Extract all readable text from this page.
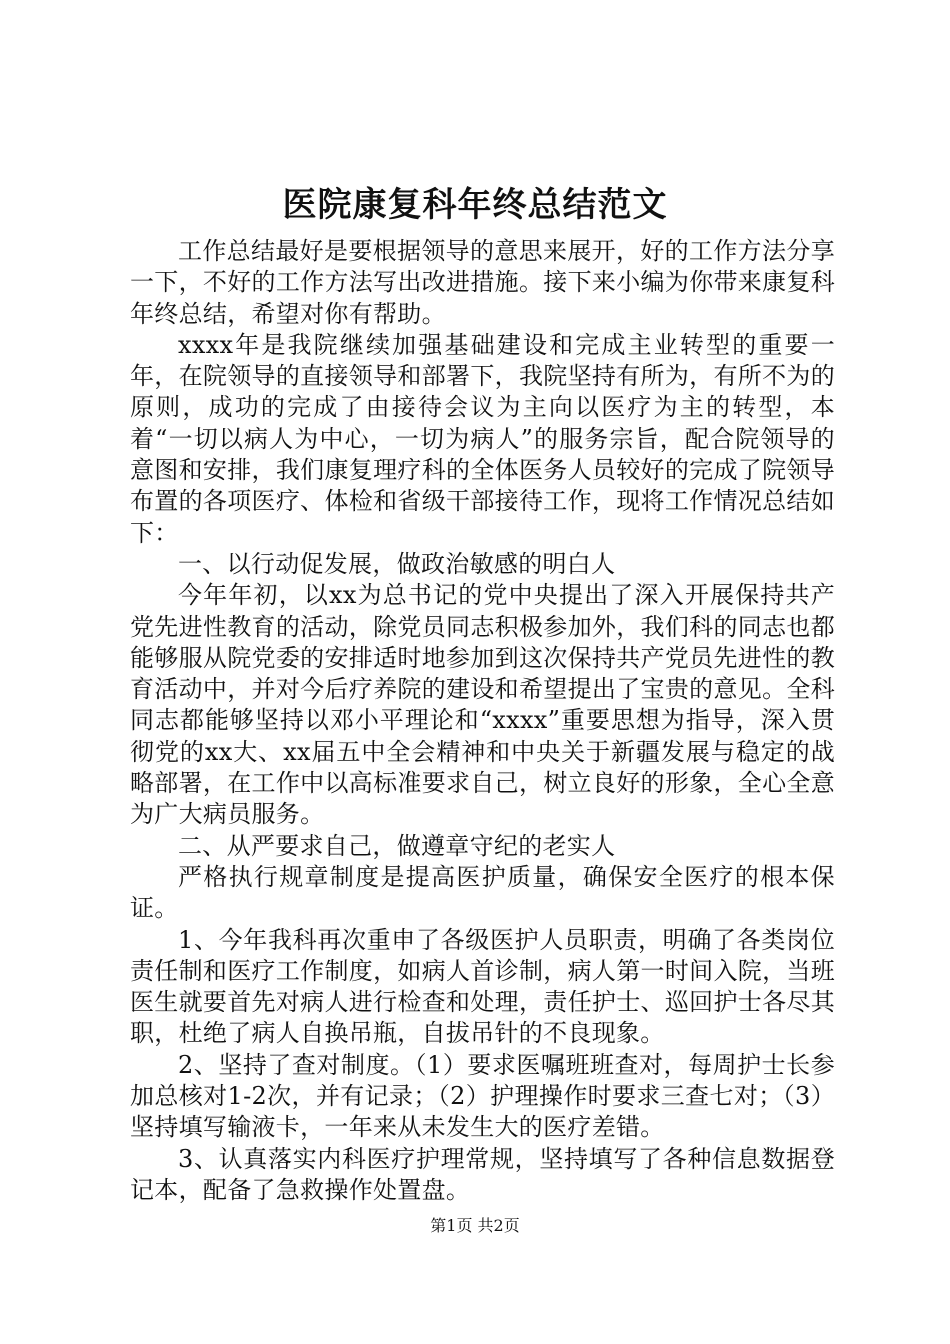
医院康复科年终总结范文

工作总结最好是要根据领导的意思来展开，好的工作方法分享一下，不好的工作方法写出改进措施。接下来小编为你带来康复科年终总结，希望对你有帮助。

xxxx年是我院继续加强基础建设和完成主业转型的重要一年，在院领导的直接领导和部署下，我院坚持有所为，有所不为的原则，成功的完成了由接待会议为主向以医疗为主的转型，本着“一切以病人为中心，一切为病人”的服务宗旨，配合院领导的意图和安排，我们康复理疗科的全体医务人员较好的完成了院领导布置的各项医疗、体检和省级干部接待工作，现将工作情况总结如下：

一、以行动促发展，做政治敏感的明白人

今年年初，以xx为总书记的党中央提出了深入开展保持共产党先进性教育的活动，除党员同志积极参加外，我们科的同志也都能够服从院党委的安排适时地参加到这次保持共产党员先进性的教育活动中，并对今后疗养院的建设和希望提出了宝贵的意见。全科同志都能够坚持以邓小平理论和“xxxx”重要思想为指导，深入贯彻党的xx大、xx届五中全会精神和中央关于新疆发展与稳定的战略部署，在工作中以高标准要求自己，树立良好的形象，全心全意为广大病员服务。

二、从严要求自己，做遵章守纪的老实人

严格执行规章制度是提高医护质量，确保安全医疗的根本保证。

1、今年我科再次重申了各级医护人员职责，明确了各类岗位责任制和医疗工作制度，如病人首诊制，病人第一时间入院，当班医生就要首先对病人进行检查和处理，责任护士、巡回护士各尽其职，杜绝了病人自换吊瓶，自拔吊针的不良现象。

2、坚持了查对制度。（1）要求医嘱班班查对，每周护士长参加总核对1-2次，并有记录；（2）护理操作时要求三查七对；（3）坚持填写输液卡，一年来从未发生大的医疗差错。

3、认真落实内科医疗护理常规，坚持填写了各种信息数据登记本，配备了急救操作处置盘。

第1页 共2页
